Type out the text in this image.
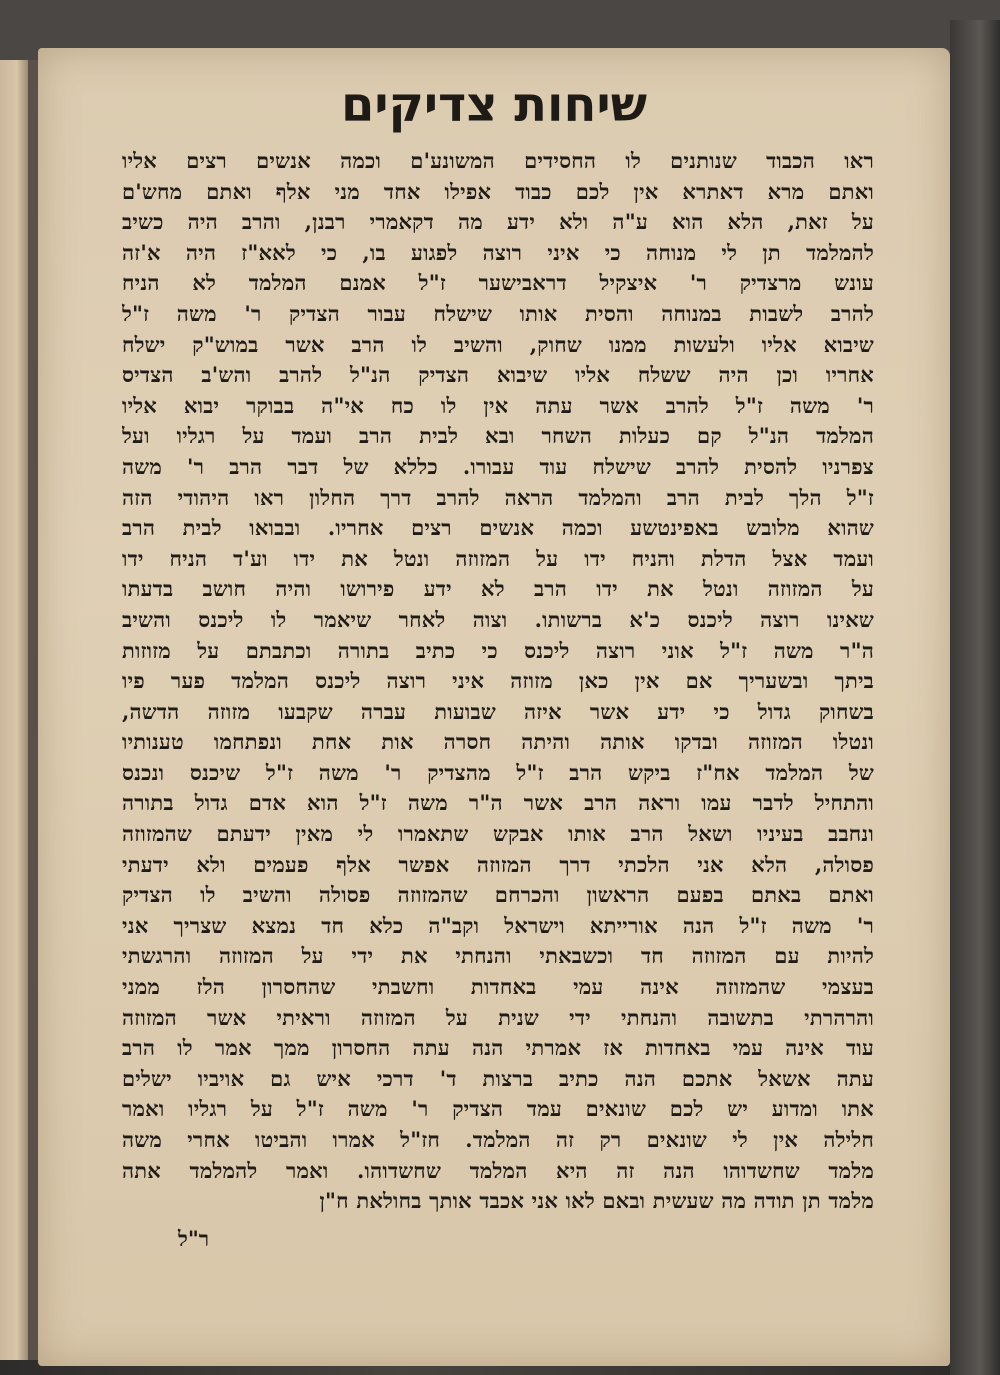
שיחות צדיקים
ראו הכבוד שנותנים לו החסידים המשונע'ם וכמה אנשים רצים אליו
ואתם מרא דאתרא אין לכם כבוד אפילו אחד מני אלף ואתם מחש'ם
על זאת, הלא הוא ע"ה ולא ידע מה דקאמרי רבנן, והרב היה כשיב
להמלמד תן לי מנוחה כי איני רוצה לפגוע בו, כי לאא"ז היה א'זה
עונש מרצדיק ר' איצקיל דראבישער ז"ל אמנם המלמד לא הניח
להרב לשבות במנוחה והסית אותו שישלח עבור הצדיק ר' משה ז"ל
שיבוא אליו ולעשות ממנו שחוק, והשיב לו הרב אשר במוש"ק ישלח
אחריו וכן היה ששלח אליו שיבוא הצדיק הנ"ל להרב והש'ב הצדיס
ר' משה ז"ל להרב אשר עתה אין לו כח אי"ה בבוקר יבוא אליו
המלמד הנ"ל קם כעלות השחר ובא לבית הרב ועמד על רגליו ועל
צפרניו להסית להרב שישלח עוד עבורו. כללא של דבר הרב ר' משה
ז"ל הלך לבית הרב והמלמד הראה להרב דרך החלון ראו היהודי הזה
שהוא מלובש באפינטשע וכמה אנשים רצים אחריו. ובבואו לבית הרב
ועמד אצל הדלת והניח ידו על המזוזה ונטל את ידו וע'ד הניח ידו
על המזוזה ונטל את ידו הרב לא ידע פירושו והיה חושב בדעתו
שאינו רוצה ליכנס כ'א ברשותו. וצוה לאחר שיאמר לו ליכנס והשיב
ה"ר משה ז"ל אוני רוצה ליכנס כי כתיב בתורה וכתבתם על מזוזות
ביתך ובשעריך אם אין כאן מזוזה איני רוצה ליכנס המלמד פער פיו
בשחוק גדול כי ידע אשר איזה שבועות עברה שקבעו מזוזה הדשה,
ונטלו המזוזה ובדקו אותה והיתה חסרה אות אחת ונפתחמו טענותיו
של המלמד אח"ז ביקש הרב ז"ל מהצדיק ר' משה ז"ל שיכנס ונכנס
והתחיל לדבר עמו וראה הרב אשר ה"ר משה ז"ל הוא אדם גדול בתורה
ונחבב בעיניו ושאל הרב אותו אבקש שתאמרו לי מאין ידעתם שהמזוזה
פסולה, הלא אני הלכתי דרך המזוזה אפשר אלף פעמים ולא ידעתי
ואתם באתם בפעם הראשון והכרחם שהמזוזה פסולה והשיב לו הצדיק
ר' משה ז"ל הנה אורייתא וישראל וקב"ה כלא חד נמצא שצריך אני
להיות עם המזוזה חד וכשבאתי והנחתי את ידי על המזוזה והרגשתי
בעצמי שהמזוזה אינה עמי באחדות וחשבתי שהחסרון הלז ממני
והרהרתי בתשובה והנחתי ידי שנית על המזוזה וראיתי אשר המזוזה
עוד אינה עמי באחדות אז אמרתי הנה עתה החסרון ממך אמר לו הרב
עתה אשאל אתכם הנה כתיב ברצות ד' דרכי איש גם אויביו ישלים
אתו ומדוע יש לכם שונאים עמד הצדיק ר' משה ז"ל על רגליו ואמר
חלילה אין לי שונאים רק זה המלמד. חז"ל אמרו והביטו אחרי משה
מלמד שחשדוהו הנה זה היא המלמד שחשדוהו. ואמר להמלמד אתה
מלמד תן תודה מה שעשית ובאם לאו אני אכבד אותך בחולאת ח"ן
ר"ל
